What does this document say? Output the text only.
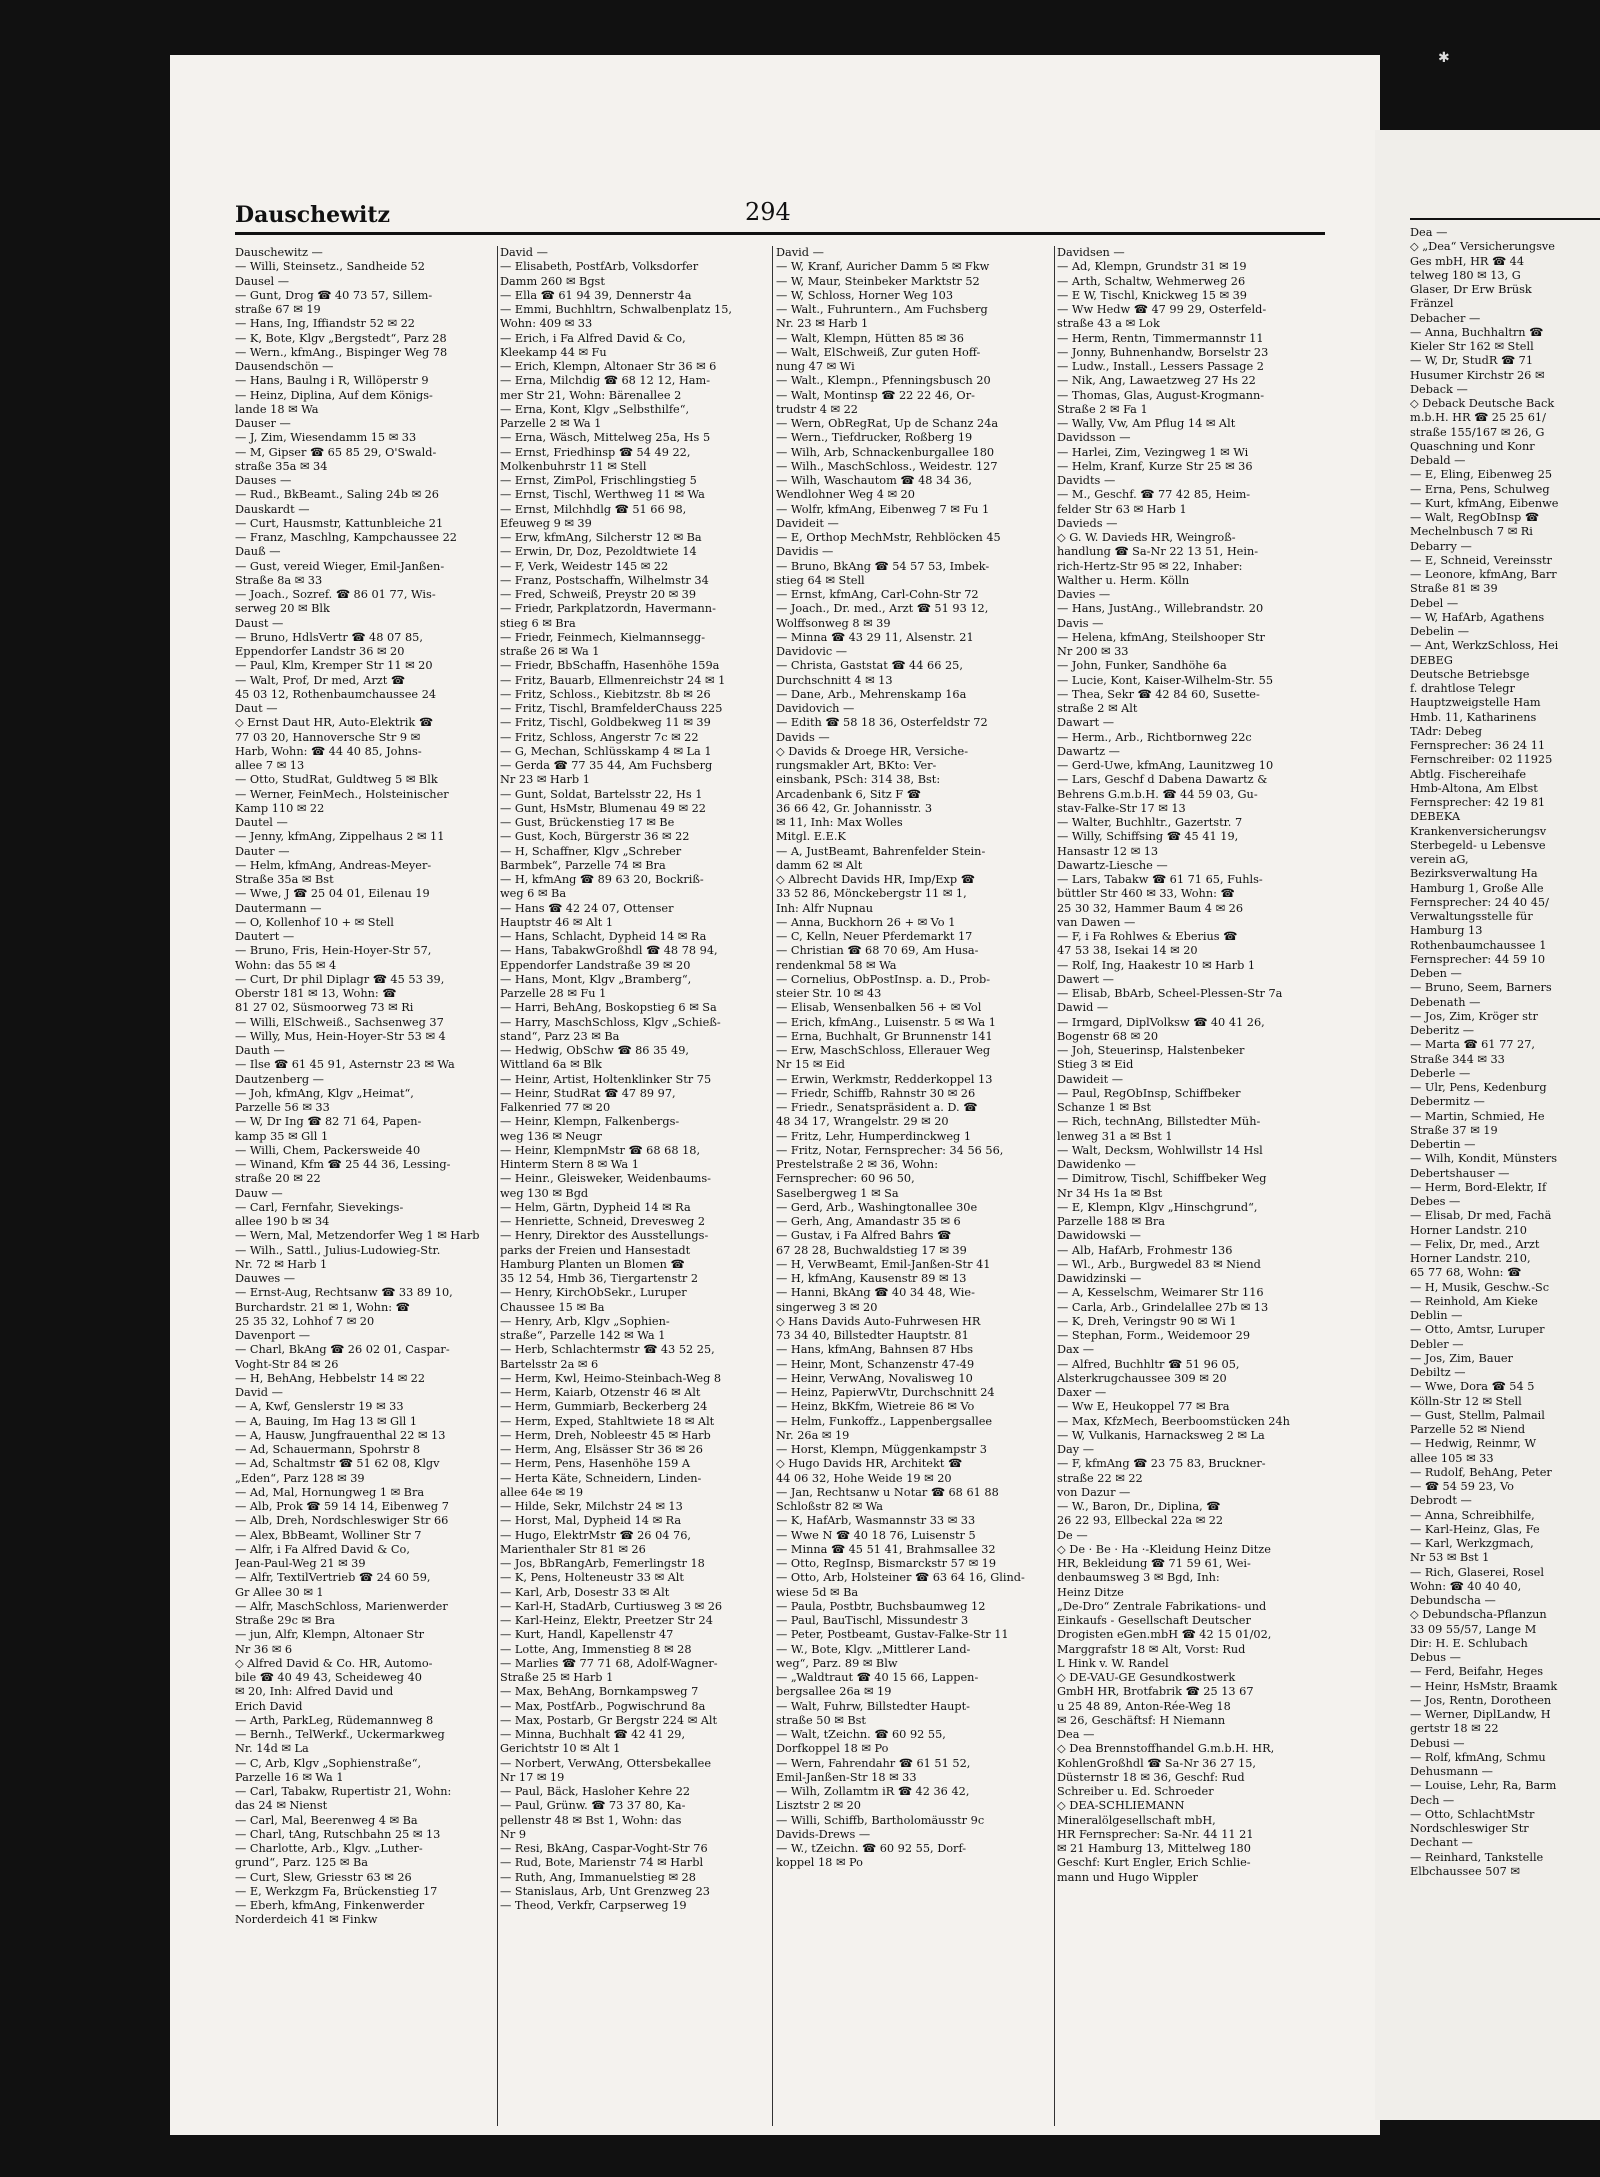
✱
Dauschewitz	294
Dauschewitz —
— Willi, Steinsetz., Sandheide 52
Dausel —
— Gunt, Drog ☎ 40 73 57, Sillem-
straße 67 ✉ 19
— Hans, Ing, Iffiandstr 52 ✉ 22
— K, Bote, Klgv „Bergstedt“, Parz 28
— Wern., kfmAng., Bispinger Weg 78
Dausendschön —
— Hans, Baulng i R, Willöperstr 9
— Heinz, Diplina, Auf dem Königs-
lande 18 ✉ Wa
Dauser —
— J, Zim, Wiesendamm 15 ✉ 33
— M, Gipser ☎ 65 85 29, O'Swald-
straße 35a ✉ 34
Dauses —
— Rud., BkBeamt., Saling 24b ✉ 26
Dauskardt —
— Curt, Hausmstr, Kattunbleiche 21
— Franz, Maschlng, Kampchaussee 22
Dauß —
— Gust, vereid Wieger, Emil-Janßen-
Straße 8a ✉ 33
— Joach., Sozref. ☎ 86 01 77, Wis-
serweg 20 ✉ Blk
Daust —
— Bruno, HdlsVertr ☎ 48 07 85,
Eppendorfer Landstr 36 ✉ 20
— Paul, Klm, Kremper Str 11 ✉ 20
— Walt, Prof, Dr med, Arzt ☎
45 03 12, Rothenbaumchaussee 24
Daut —
◇ Ernst Daut HR, Auto-Elektrik ☎
77 03 20, Hannoversche Str 9 ✉
Harb, Wohn: ☎ 44 40 85, Johns-
allee 7 ✉ 13
— Otto, StudRat, Guldtweg 5 ✉ Blk
— Werner, FeinMech., Holsteinischer
Kamp 110 ✉ 22
Dautel —
— Jenny, kfmAng, Zippelhaus 2 ✉ 11
Dauter —
— Helm, kfmAng, Andreas-Meyer-
Straße 35a ✉ Bst
— Wwe, J ☎ 25 04 01, Eilenau 19
Dautermann —
— O, Kollenhof 10 + ✉ Stell
Dautert —
— Bruno, Fris, Hein-Hoyer-Str 57,
Wohn: das 55 ✉ 4
— Curt, Dr phil Diplagr ☎ 45 53 39,
Oberstr 181 ✉ 13, Wohn: ☎
81 27 02, Süsmoorweg 73 ✉ Ri
— Willi, ElSchweiß., Sachsenweg 37
— Willy, Mus, Hein-Hoyer-Str 53 ✉ 4
Dauth —
— Ilse ☎ 61 45 91, Asternstr 23 ✉ Wa
Dautzenberg —
— Joh, kfmAng, Klgv „Heimat“,
Parzelle 56 ✉ 33
— W, Dr Ing ☎ 82 71 64, Papen-
kamp 35 ✉ Gll 1
— Willi, Chem, Packersweide 40
— Winand, Kfm ☎ 25 44 36, Lessing-
straße 20 ✉ 22
Dauw —
— Carl, Fernfahr, Sievekings-
allee 190 b ✉ 34
— Wern, Mal, Metzendorfer Weg 1 ✉ Harb
— Wilh., Sattl., Julius-Ludowieg-Str.
Nr. 72 ✉ Harb 1
Dauwes —
— Ernst-Aug, Rechtsanw ☎ 33 89 10,
Burchardstr. 21 ✉ 1, Wohn: ☎
25 35 32, Lohhof 7 ✉ 20
Davenport —
— Charl, BkAng ☎ 26 02 01, Caspar-
Voght-Str 84 ✉ 26
— H, BehAng, Hebbelstr 14 ✉ 22
David —
— A, Kwf, Genslerstr 19 ✉ 33
— A, Bauing, Im Hag 13 ✉ Gll 1
— A, Hausw, Jungfrauenthal 22 ✉ 13
— Ad, Schauermann, Spohrstr 8
— Ad, Schaltmstr ☎ 51 62 08, Klgv
„Eden“, Parz 128 ✉ 39
— Ad, Mal, Hornungweg 1 ✉ Bra
— Alb, Prok ☎ 59 14 14, Eibenweg 7
— Alb, Dreh, Nordschleswiger Str 66
— Alex, BbBeamt, Wolliner Str 7
— Alfr, i Fa Alfred David & Co,
Jean-Paul-Weg 21 ✉ 39
— Alfr, TextilVertrieb ☎ 24 60 59,
Gr Allee 30 ✉ 1
— Alfr, MaschSchloss, Marienwerder
Straße 29c ✉ Bra
— jun, Alfr, Klempn, Altonaer Str
Nr 36 ✉ 6
◇ Alfred David & Co. HR, Automo-
bile ☎ 40 49 43, Scheideweg 40
✉ 20, Inh: Alfred David und
Erich David
— Arth, ParkLeg, Rüdemannweg 8
— Bernh., TelWerkf., Uckermarkweg
Nr. 14d ✉ La
— C, Arb, Klgv „Sophienstraße“,
Parzelle 16 ✉ Wa 1
— Carl, Tabakw, Rupertistr 21, Wohn:
das 24 ✉ Nienst
— Carl, Mal, Beerenweg 4 ✉ Ba
— Charl, tAng, Rutschbahn 25 ✉ 13
— Charlotte, Arb., Klgv. „Luther-
grund“, Parz. 125 ✉ Ba
— Curt, Slew, Griesstr 63 ✉ 26
— E, Werkzgm Fa, Brückenstieg 17
— Eberh, kfmAng, Finkenwerder
Norderdeich 41 ✉ Finkw
David —
— Elisabeth, PostfArb, Volksdorfer
Damm 260 ✉ Bgst
— Ella ☎ 61 94 39, Dennerstr 4a
— Emmi, Buchhltrn, Schwalbenplatz 15,
Wohn: 409 ✉ 33
— Erich, i Fa Alfred David & Co,
Kleekamp 44 ✉ Fu
— Erich, Klempn, Altonaer Str 36 ✉ 6
— Erna, Milchdig ☎ 68 12 12, Ham-
mer Str 21, Wohn: Bärenallee 2
— Erna, Kont, Klgv „Selbsthilfe“,
Parzelle 2 ✉ Wa 1
— Erna, Wäsch, Mittelweg 25a, Hs 5
— Ernst, Friedhinsp ☎ 54 49 22,
Molkenbuhrstr 11 ✉ Stell
— Ernst, ZimPol, Frischlingstieg 5
— Ernst, Tischl, Werthweg 11 ✉ Wa
— Ernst, Milchhdlg ☎ 51 66 98,
Efeuweg 9 ✉ 39
— Erw, kfmAng, Silcherstr 12 ✉ Ba
— Erwin, Dr, Doz, Pezoldtwiete 14
— F, Verk, Weidestr 145 ✉ 22
— Franz, Postschaffn, Wilhelmstr 34
— Fred, Schweiß, Preystr 20 ✉ 39
— Friedr, Parkplatzordn, Havermann-
stieg 6 ✉ Bra
— Friedr, Feinmech, Kielmannsegg-
straße 26 ✉ Wa 1
— Friedr, BbSchaffn, Hasenhöhe 159a
— Fritz, Bauarb, Ellmenreichstr 24 ✉ 1
— Fritz, Schloss., Kiebitzstr. 8b ✉ 26
— Fritz, Tischl, BramfelderChauss 225
— Fritz, Tischl, Goldbekweg 11 ✉ 39
— Fritz, Schloss, Angerstr 7c ✉ 22
— G, Mechan, Schlüsskamp 4 ✉ La 1
— Gerda ☎ 77 35 44, Am Fuchsberg
Nr 23 ✉ Harb 1
— Gunt, Soldat, Bartelsstr 22, Hs 1
— Gunt, HsMstr, Blumenau 49 ✉ 22
— Gust, Brückenstieg 17 ✉ Be
— Gust, Koch, Bürgerstr 36 ✉ 22
— H, Schaffner, Klgv „Schreber
Barmbek“, Parzelle 74 ✉ Bra
— H, kfmAng ☎ 89 63 20, Bockriß-
weg 6 ✉ Ba
— Hans ☎ 42 24 07, Ottenser
Hauptstr 46 ✉ Alt 1
— Hans, Schlacht, Dypheid 14 ✉ Ra
— Hans, TabakwGroßhdl ☎ 48 78 94,
Eppendorfer Landstraße 39 ✉ 20
— Hans, Mont, Klgv „Bramberg“,
Parzelle 28 ✉ Fu 1
— Harri, BehAng, Boskopstieg 6 ✉ Sa
— Harry, MaschSchloss, Klgv „Schieß-
stand“, Parz 23 ✉ Ba
— Hedwig, ObSchw ☎ 86 35 49,
Wittland 6a ✉ Blk
— Heinr, Artist, Holtenklinker Str 75
— Heinr, StudRat ☎ 47 89 97,
Falkenried 77 ✉ 20
— Heinr, Klempn, Falkenbergs-
weg 136 ✉ Neugr
— Heinr, KlempnMstr ☎ 68 68 18,
Hinterm Stern 8 ✉ Wa 1
— Heinr., Gleisweker, Weidenbaums-
weg 130 ✉ Bgd
— Helm, Gärtn, Dypheid 14 ✉ Ra
— Henriette, Schneid, Drevesweg 2
— Henry, Direktor des Ausstellungs-
parks der Freien und Hansestadt
Hamburg Planten un Blomen ☎
35 12 54, Hmb 36, Tiergartenstr 2
— Henry, KirchObSekr., Luruper
Chaussee 15 ✉ Ba
— Henry, Arb, Klgv „Sophien-
straße“, Parzelle 142 ✉ Wa 1
— Herb, Schlachtermstr ☎ 43 52 25,
Bartelsstr 2a ✉ 6
— Herm, Kwl, Heimo-Steinbach-Weg 8
— Herm, Kaiarb, Otzenstr 46 ✉ Alt
— Herm, Gummiarb, Beckerberg 24
— Herm, Exped, Stahltwiete 18 ✉ Alt
— Herm, Dreh, Nobleestr 45 ✉ Harb
— Herm, Ang, Elsässer Str 36 ✉ 26
— Herm, Pens, Hasenhöhe 159 A
— Herta Käte, Schneidern, Linden-
allee 64e ✉ 19
— Hilde, Sekr, Milchstr 24 ✉ 13
— Horst, Mal, Dypheid 14 ✉ Ra
— Hugo, ElektrMstr ☎ 26 04 76,
Marienthaler Str 81 ✉ 26
— Jos, BbRangArb, Femerlingstr 18
— K, Pens, Holteneustr 33 ✉ Alt
— Karl, Arb, Dosestr 33 ✉ Alt
— Karl-H, StadArb, Curtiusweg 3 ✉ 26
— Karl-Heinz, Elektr, Preetzer Str 24
— Kurt, Handl, Kapellenstr 47
— Lotte, Ang, Immenstieg 8 ✉ 28
— Marlies ☎ 77 71 68, Adolf-Wagner-
Straße 25 ✉ Harb 1
— Max, BehAng, Bornkampsweg 7
— Max, PostfArb., Pogwischrund 8a
— Max, Postarb, Gr Bergstr 224 ✉ Alt
— Minna, Buchhalt ☎ 42 41 29,
Gerichtstr 10 ✉ Alt 1
— Norbert, VerwAng, Ottersbekallee
Nr 17 ✉ 19
— Paul, Bäck, Hasloher Kehre 22
— Paul, Grünw. ☎ 73 37 80, Ka-
pellenstr 48 ✉ Bst 1, Wohn: das
Nr 9
— Resi, BkAng, Caspar-Voght-Str 76
— Rud, Bote, Marienstr 74 ✉ Harbl
— Ruth, Ang, Immanuelstieg ✉ 28
— Stanislaus, Arb, Unt Grenzweg 23
— Theod, Verkfr, Carpserweg 19
David —
— W, Kranf, Auricher Damm 5 ✉ Fkw
— W, Maur, Steinbeker Marktstr 52
— W, Schloss, Horner Weg 103
— Walt., Fuhruntern., Am Fuchsberg
Nr. 23 ✉ Harb 1
— Walt, Klempn, Hütten 85 ✉ 36
— Walt, ElSchweiß, Zur guten Hoff-
nung 47 ✉ Wi
— Walt., Klempn., Pfenningsbusch 20
— Walt, Montinsp ☎ 22 22 46, Or-
trudstr 4 ✉ 22
— Wern, ObRegRat, Up de Schanz 24a
— Wern., Tiefdrucker, Roßberg 19
— Wilh, Arb, Schnackenburgallee 180
— Wilh., MaschSchloss., Weidestr. 127
— Wilh, Waschautom ☎ 48 34 36,
Wendlohner Weg 4 ✉ 20
— Wolfr, kfmAng, Eibenweg 7 ✉ Fu 1
Davideit —
— E, Orthop MechMstr, Rehblöcken 45
Davidis —
— Bruno, BkAng ☎ 54 57 53, Imbek-
stieg 64 ✉ Stell
— Ernst, kfmAng, Carl-Cohn-Str 72
— Joach., Dr. med., Arzt ☎ 51 93 12,
Wolffsonweg 8 ✉ 39
— Minna ☎ 43 29 11, Alsenstr. 21
Davidovic —
— Christa, Gaststat ☎ 44 66 25,
Durchschnitt 4 ✉ 13
— Dane, Arb., Mehrenskamp 16a
Davidovich —
— Edith ☎ 58 18 36, Osterfeldstr 72
Davids —
◇ Davids & Droege HR, Versiche-
rungsmakler Art, BKto: Ver-
einsbank, PSch: 314 38, Bst:
Arcadenbank 6, Sitz F ☎
36 66 42, Gr. Johannisstr. 3
✉ 11, Inh: Max Wolles
Mitgl. E.E.K
— A, JustBeamt, Bahrenfelder Stein-
damm 62 ✉ Alt
◇ Albrecht Davids HR, Imp/Exp ☎
33 52 86, Mönckebergstr 11 ✉ 1,
Inh: Alfr Nupnau
— Anna, Buckhorn 26 + ✉ Vo 1
— C, Kelln, Neuer Pferdemarkt 17
— Christian ☎ 68 70 69, Am Husa-
rendenkmal 58 ✉ Wa
— Cornelius, ObPostInsp. a. D., Prob-
steier Str. 10 ✉ 43
— Elisab, Wensenbalken 56 + ✉ Vol
— Erich, kfmAng., Luisenstr. 5 ✉ Wa 1
— Erna, Buchhalt, Gr Brunnenstr 141
— Erw, MaschSchloss, Ellerauer Weg
Nr 15 ✉ Eid
— Erwin, Werkmstr, Redderkoppel 13
— Friedr, Schiffb, Rahnstr 30 ✉ 26
— Friedr., Senatspräsident a. D. ☎
48 34 17, Wrangelstr. 29 ✉ 20
— Fritz, Lehr, Humperdinckweg 1
— Fritz, Notar, Fernsprecher: 34 56 56,
Prestelstraße 2 ✉ 36, Wohn:
Fernsprecher: 60 96 50,
Saselbergweg 1 ✉ Sa
— Gerd, Arb., Washingtonallee 30e
— Gerh, Ang, Amandastr 35 ✉ 6
— Gustav, i Fa Alfred Bahrs ☎
67 28 28, Buchwaldstieg 17 ✉ 39
— H, VerwBeamt, Emil-Janßen-Str 41
— H, kfmAng, Kausenstr 89 ✉ 13
— Hanni, BkAng ☎ 40 34 48, Wie-
singerweg 3 ✉ 20
◇ Hans Davids Auto-Fuhrwesen HR
73 34 40, Billstedter Hauptstr. 81
— Hans, kfmAng, Bahnsen 87 Hbs
— Heinr, Mont, Schanzenstr 47-49
— Heinr, VerwAng, Novalisweg 10
— Heinz, PapierwVtr, Durchschnitt 24
— Heinz, BkKfm, Wietreie 86 ✉ Vo
— Helm, Funkoffz., Lappenbergsallee
Nr. 26a ✉ 19
— Horst, Klempn, Müggenkampstr 3
◇ Hugo Davids HR, Architekt ☎
44 06 32, Hohe Weide 19 ✉ 20
— Jan, Rechtsanw u Notar ☎ 68 61 88
Schloßstr 82 ✉ Wa
— K, HafArb, Wasmannstr 33 ✉ 33
— Wwe N ☎ 40 18 76, Luisenstr 5
— Minna ☎ 45 51 41, Brahmsallee 32
— Otto, RegInsp, Bismarckstr 57 ✉ 19
— Otto, Arb, Holsteiner ☎ 63 64 16, Glind-
wiese 5d ✉ Ba
— Paula, Postbtr, Buchsbaumweg 12
— Paul, BauTischl, Missundestr 3
— Peter, Postbeamt, Gustav-Falke-Str 11
— W., Bote, Klgv. „Mittlerer Land-
weg“, Parz. 89 ✉ Blw
— „Waldtraut ☎ 40 15 66, Lappen-
bergsallee 26a ✉ 19
— Walt, Fuhrw, Billstedter Haupt-
straße 50 ✉ Bst
— Walt, tZeichn. ☎ 60 92 55,
Dorfkoppel 18 ✉ Po
— Wern, Fahrendahr ☎ 61 51 52,
Emil-Janßen-Str 18 ✉ 33
— Wilh, Zollamtm iR ☎ 42 36 42,
Lisztstr 2 ✉ 20
— Willi, Schiffb, Bartholomäusstr 9c
Davids-Drews —
— W., tZeichn. ☎ 60 92 55, Dorf-
koppel 18 ✉ Po
Davidsen —
— Ad, Klempn, Grundstr 31 ✉ 19
— Arth, Schaltw, Wehmerweg 26
— E W, Tischl, Knickweg 15 ✉ 39
— Ww Hedw ☎ 47 99 29, Osterfeld-
straße 43 a ✉ Lok
— Herm, Rentn, Timmermannstr 11
— Jonny, Buhnenhandw, Borselstr 23
— Ludw., Install., Lessers Passage 2
— Nik, Ang, Lawaetzweg 27 Hs 22
— Thomas, Glas, August-Krogmann-
Straße 2 ✉ Fa 1
— Wally, Vw, Am Pflug 14 ✉ Alt
Davidsson —
— Harlei, Zim, Vezingweg 1 ✉ Wi
— Helm, Kranf, Kurze Str 25 ✉ 36
Davidts —
— M., Geschf. ☎ 77 42 85, Heim-
felder Str 63 ✉ Harb 1
Davieds —
◇ G. W. Davieds HR, Weingroß-
handlung ☎ Sa-Nr 22 13 51, Hein-
rich-Hertz-Str 95 ✉ 22, Inhaber:
Walther u. Herm. Kölln
Davies —
— Hans, JustAng., Willebrandstr. 20
Davis —
— Helena, kfmAng, Steilshooper Str
Nr 200 ✉ 33
— John, Funker, Sandhöhe 6a
— Lucie, Kont, Kaiser-Wilhelm-Str. 55
— Thea, Sekr ☎ 42 84 60, Susette-
straße 2 ✉ Alt
Dawart —
— Herm., Arb., Richtbornweg 22c
Dawartz —
— Gerd-Uwe, kfmAng, Launitzweg 10
— Lars, Geschf d Dabena Dawartz &
Behrens G.m.b.H. ☎ 44 59 03, Gu-
stav-Falke-Str 17 ✉ 13
— Walter, Buchhltr., Gazertstr. 7
— Willy, Schiffsing ☎ 45 41 19,
Hansastr 12 ✉ 13
Dawartz-Liesche —
— Lars, Tabakw ☎ 61 71 65, Fuhls-
büttler Str 460 ✉ 33, Wohn: ☎
25 30 32, Hammer Baum 4 ✉ 26
van Dawen —
— F, i Fa Rohlwes & Eberius ☎
47 53 38, Isekai 14 ✉ 20
— Rolf, Ing, Haakestr 10 ✉ Harb 1
Dawert —
— Elisab, BbArb, Scheel-Plessen-Str 7a
Dawid —
— Irmgard, DiplVolksw ☎ 40 41 26,
Bogenstr 68 ✉ 20
— Joh, Steuerinsp, Halstenbeker
Stieg 3 ✉ Eid
Dawideit —
— Paul, RegObInsp, Schiffbeker
Schanze 1 ✉ Bst
— Rich, technAng, Billstedter Müh-
lenweg 31 a ✉ Bst 1
— Walt, Decksm, Wohlwillstr 14 Hsl
Dawidenko —
— Dimitrow, Tischl, Schiffbeker Weg
Nr 34 Hs 1a ✉ Bst
— E, Klempn, Klgv „Hinschgrund“,
Parzelle 188 ✉ Bra
Dawidowski —
— Alb, HafArb, Frohmestr 136
— Wl., Arb., Burgwedel 83 ✉ Niend
Dawidzinski —
— A, Kesselschm, Weimarer Str 116
— Carla, Arb., Grindelallee 27b ✉ 13
— K, Dreh, Veringstr 90 ✉ Wi 1
— Stephan, Form., Weidemoor 29
Dax —
— Alfred, Buchhltr ☎ 51 96 05,
Alsterkrugchaussee 309 ✉ 20
Daxer —
— Ww E, Heukoppel 77 ✉ Bra
— Max, KfzMech, Beerboomstücken 24h
— W, Vulkanis, Harnacksweg 2 ✉ La
Day —
— F, kfmAng ☎ 23 75 83, Bruckner-
straße 22 ✉ 22
von Dazur —
— W., Baron, Dr., Diplina, ☎
26 22 93, Ellbeckal 22a ✉ 22
De —
◇ De · Be · Ha ·-Kleidung Heinz Ditze
HR, Bekleidung ☎ 71 59 61, Wei-
denbaumsweg 3 ✉ Bgd, Inh:
Heinz Ditze
„De-Dro“ Zentrale Fabrikations- und
Einkaufs - Gesellschaft Deutscher
Drogisten eGen.mbH ☎ 42 15 01/02,
Marggrafstr 18 ✉ Alt, Vorst: Rud
L Hink v. W. Randel
◇ DE-VAU-GE Gesundkostwerk
GmbH HR, Brotfabrik ☎ 25 13 67
u 25 48 89, Anton-Rée-Weg 18
✉ 26, Geschäftsf: H Niemann
Dea —
◇ Dea Brennstoffhandel G.m.b.H. HR,
KohlenGroßhdl ☎ Sa-Nr 36 27 15,
Düsternstr 18 ✉ 36, Geschf: Rud
Schreiber u. Ed. Schroeder
◇ DEA-SCHLIEMANN
Mineralölgesellschaft mbH,
HR Fernsprecher: Sa-Nr. 44 11 21
✉ 21 Hamburg 13, Mittelweg 180
Geschf: Kurt Engler, Erich Schlie-
mann und Hugo Wippler
Dea —
◇ „Dea“ Versicherungsve
Ges mbH, HR ☎ 44
telweg 180 ✉ 13, G
Glaser, Dr Erw Brüsk
Fränzel
Debacher —
— Anna, Buchhaltrn ☎
Kieler Str 162 ✉ Stell
— W, Dr, StudR ☎ 71
Husumer Kirchstr 26 ✉
Deback —
◇ Deback Deutsche Back
m.b.H. HR ☎ 25 25 61/
straße 155/167 ✉ 26, G
Quaschning und Konr
Debald —
— E, Eling, Eibenweg 25
— Erna, Pens, Schulweg
— Kurt, kfmAng, Eibenwe
— Walt, RegObInsp ☎
Mechelnbusch 7 ✉ Ri
Debarry —
— E, Schneid, Vereinsstr
— Leonore, kfmAng, Barr
Straße 81 ✉ 39
Debel —
— W, HafArb, Agathens
Debelin —
— Ant, WerkzSchloss, Hei
DEBEG
Deutsche Betriebsge
f. drahtlose Telegr
Hauptzweigstelle Ham
Hmb. 11, Katharinens
TAdr: Debeg
Fernsprecher: 36 24 11
Fernschreiber: 02 11925
Abtlg. Fischereihafe
Hmb-Altona, Am Elbst
Fernsprecher: 42 19 81
DEBEKA
Krankenversicherungsv
Sterbegeld- u Lebensve
verein aG,
Bezirksverwaltung Ha
Hamburg 1, Große Alle
Fernsprecher: 24 40 45/
Verwaltungsstelle für
Hamburg 13
Rothenbaumchaussee 1
Fernsprecher: 44 59 10
Deben —
— Bruno, Seem, Barners
Debenath —
— Jos, Zim, Kröger str
Deberitz —
— Marta ☎ 61 77 27,
Straße 344 ✉ 33
Deberle —
— Ulr, Pens, Kedenburg
Debermitz —
— Martin, Schmied, He
Straße 37 ✉ 19
Debertin —
— Wilh, Kondit, Münsters
Debertshauser —
— Herm, Bord-Elektr, If
Debes —
— Elisab, Dr med, Fachä
Horner Landstr. 210
— Felix, Dr, med., Arzt
Horner Landstr. 210,
65 77 68, Wohn: ☎
— H, Musik, Geschw.-Sc
— Reinhold, Am Kieke
Deblin —
— Otto, Amtsr, Luruper
Debler —
— Jos, Zim, Bauer
Debiltz —
— Wwe, Dora ☎ 54 5
Kölln-Str 12 ✉ Stell
— Gust, Stellm, Palmail
Parzelle 52 ✉ Niend
— Hedwig, Reinmr, W
allee 105 ✉ 33
— Rudolf, BehAng, Peter
— ☎ 54 59 23, Vo
Debrodt —
— Anna, Schreibhilfe,
— Karl-Heinz, Glas, Fe
— Karl, Werkzgmach,
Nr 53 ✉ Bst 1
— Rich, Glaserei, Rosel
Wohn: ☎ 40 40 40,
Debundscha —
◇ Debundscha-Pflanzun
33 09 55/57, Lange M
Dir: H. E. Schlubach
Debus —
— Ferd, Beifahr, Heges
— Heinr, HsMstr, Braamk
— Jos, Rentn, Dorotheen
— Werner, DiplLandw, H
gertstr 18 ✉ 22
Debusi —
— Rolf, kfmAng, Schmu
Dehusmann —
— Louise, Lehr, Ra, Barm
Dech —
— Otto, SchlachtMstr
Nordschleswiger Str
Dechant —
— Reinhard, Tankstelle
Elbchaussee 507 ✉
